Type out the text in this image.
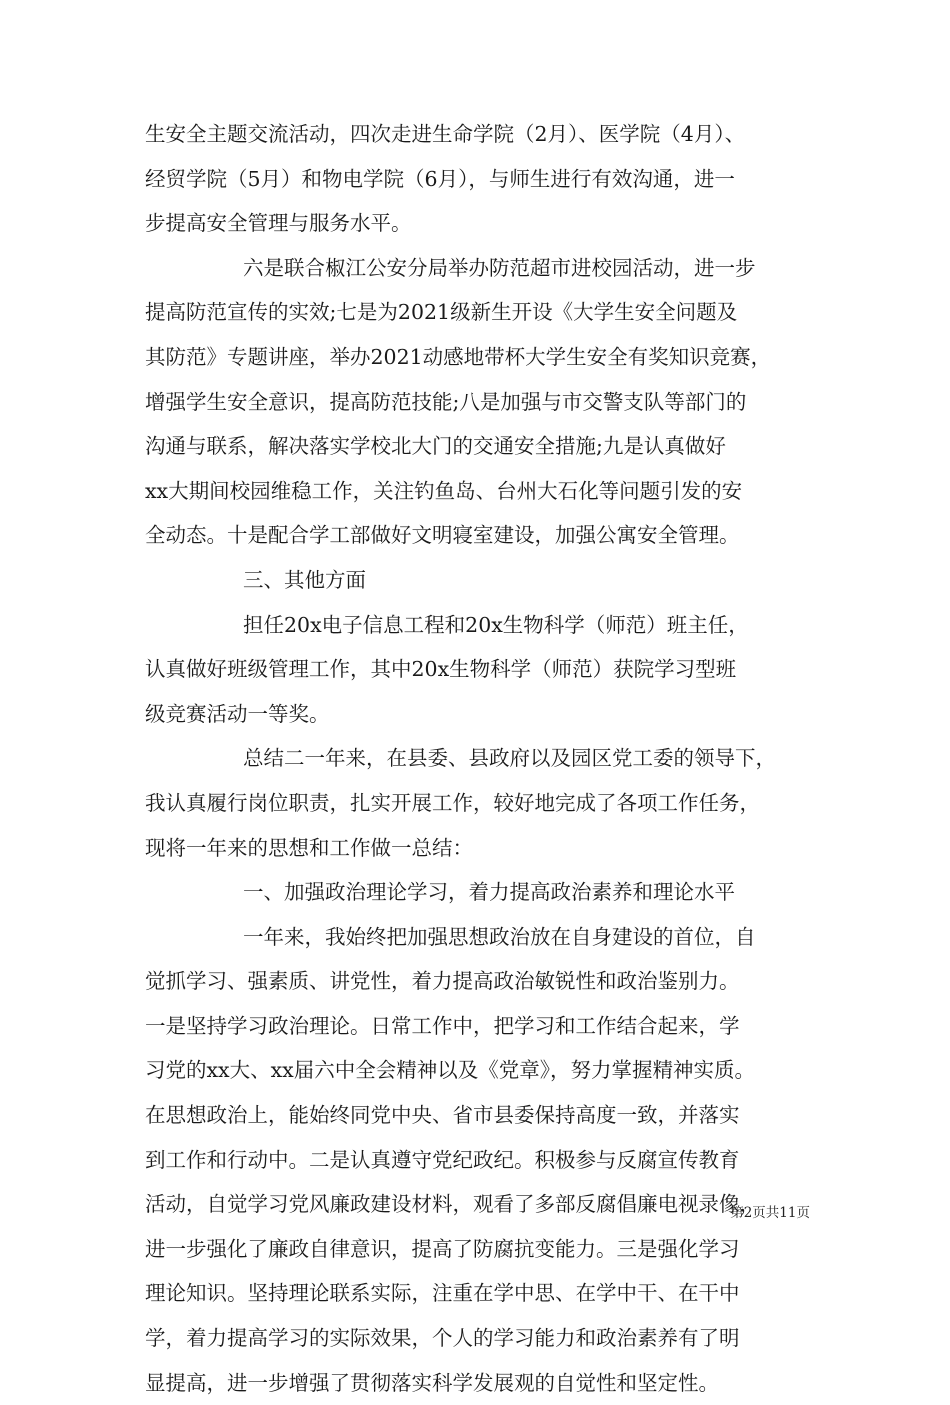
生安全主题交流活动，四次走进生命学院（2月）、医学院（4月）、
经贸学院（5月）和物电学院（6月），与师生进行有效沟通，进一
步提高安全管理与服务水平。
六是联合椒江公安分局举办防范超市进校园活动，进一步
提高防范宣传的实效;七是为2021级新生开设《大学生安全问题及
其防范》专题讲座，举办2021动感地带杯大学生安全有奖知识竞赛，
增强学生安全意识，提高防范技能;八是加强与市交警支队等部门的
沟通与联系，解决落实学校北大门的交通安全措施;九是认真做好
xx大期间校园维稳工作，关注钓鱼岛、台州大石化等问题引发的安
全动态。十是配合学工部做好文明寝室建设，加强公寓安全管理。
三、其他方面
担任20x电子信息工程和20x生物科学（师范）班主任，
认真做好班级管理工作，其中20x生物科学（师范）获院学习型班
级竞赛活动一等奖。
总结二一年来，在县委、县政府以及园区党工委的领导下，
我认真履行岗位职责，扎实开展工作，较好地完成了各项工作任务，
现将一年来的思想和工作做一总结：
一、加强政治理论学习，着力提高政治素养和理论水平
一年来，我始终把加强思想政治放在自身建设的首位，自
觉抓学习、强素质、讲党性，着力提高政治敏锐性和政治鉴别力。
一是坚持学习政治理论。日常工作中，把学习和工作结合起来，学
习党的xx大、xx届六中全会精神以及《党章》，努力掌握精神实质。
在思想政治上，能始终同党中央、省市县委保持高度一致，并落实
到工作和行动中。二是认真遵守党纪政纪。积极参与反腐宣传教育
活动，自觉学习党风廉政建设材料，观看了多部反腐倡廉电视录像，
进一步强化了廉政自律意识，提高了防腐抗变能力。三是强化学习
理论知识。坚持理论联系实际，注重在学中思、在学中干、在干中
学，着力提高学习的实际效果，个人的学习能力和政治素养有了明
显提高，进一步增强了贯彻落实科学发展观的自觉性和坚定性。
第2页共11页
